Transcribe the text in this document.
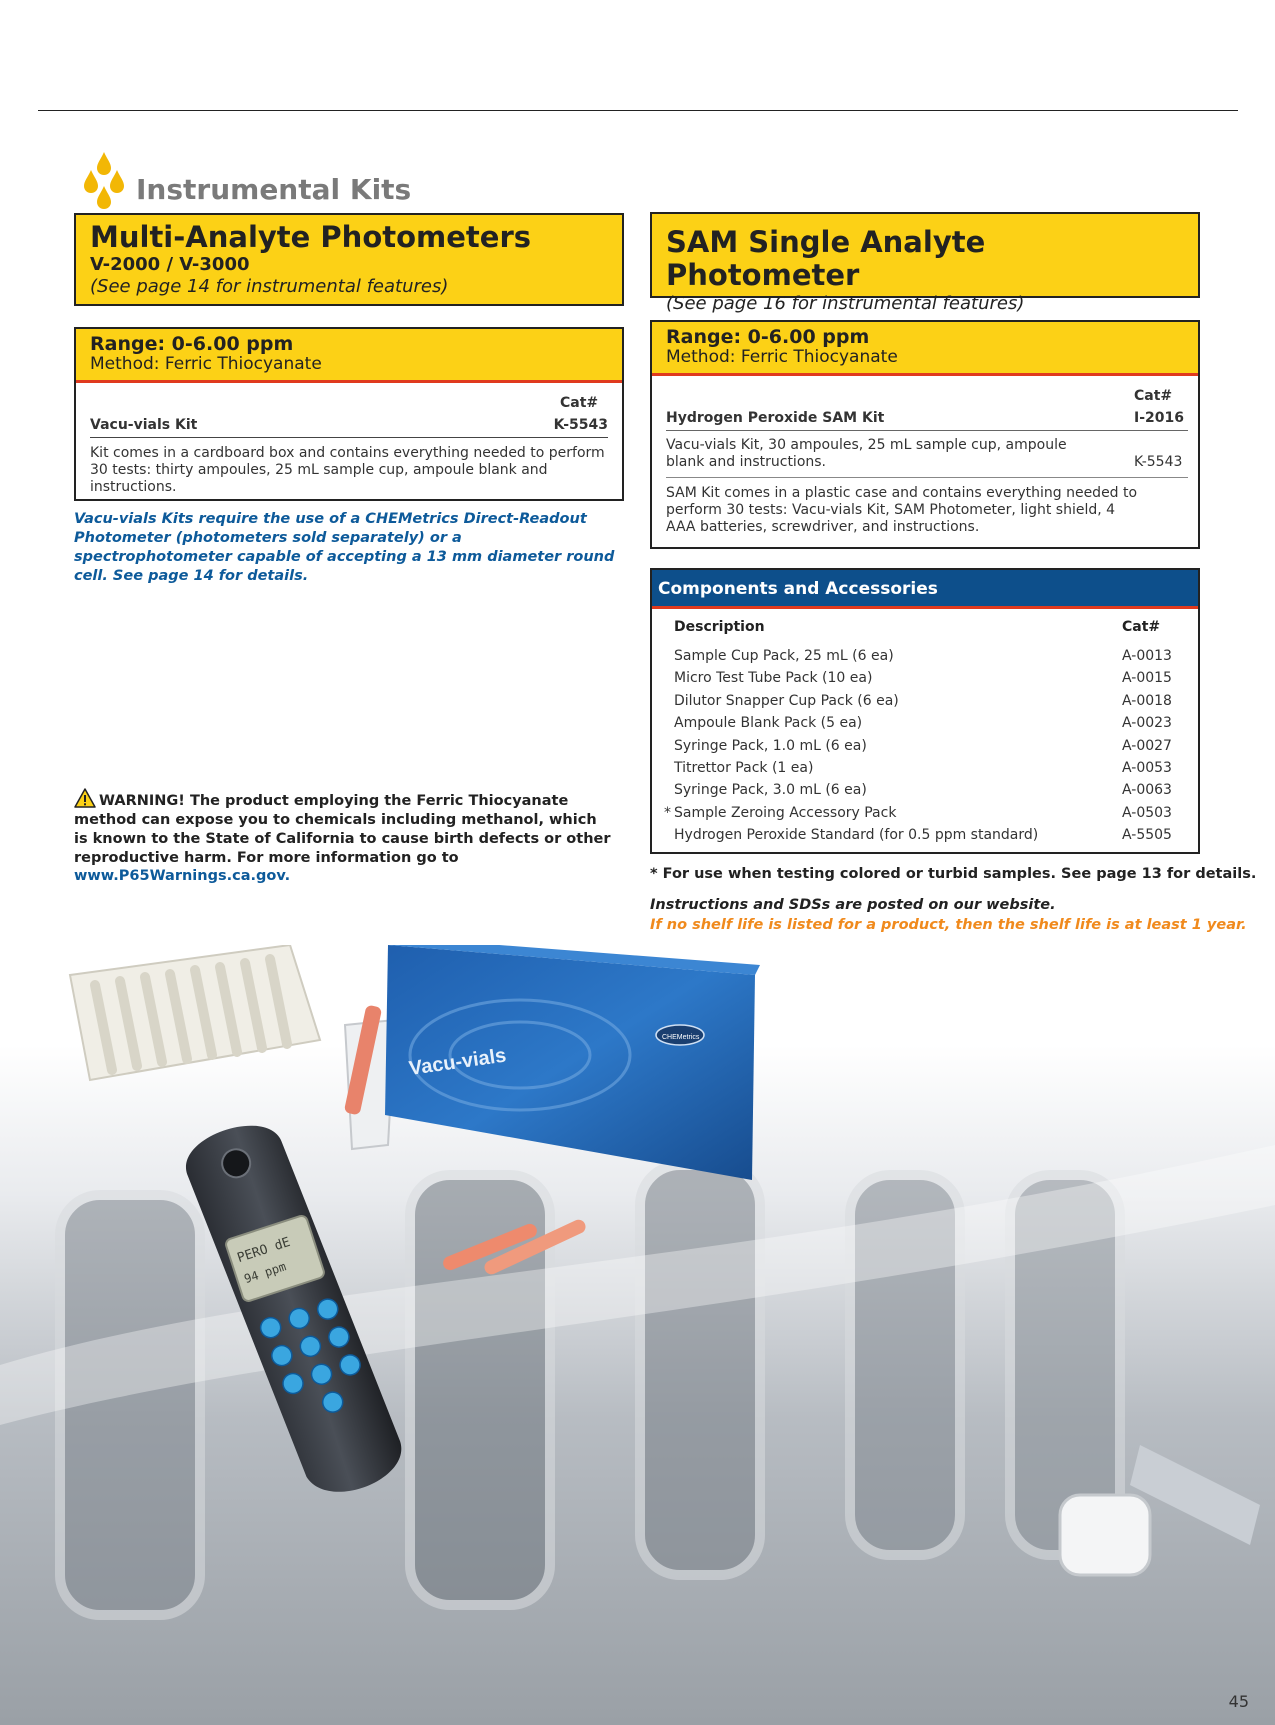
Instrumental Kits
Multi-Analyte Photometers
V-2000 / V-3000
(See page 14 for instrumental features)
Range: 0-6.00 ppm
Method: Ferric Thiocyanate
Cat#
Vacu-vials Kit	K-5543
Kit comes in a cardboard box and contains everything needed to perform 30 tests: thirty ampoules, 25 mL sample cup, ampoule blank and instructions.
Vacu-vials Kits require the use of a CHEMetrics Direct-Readout Photometer (photometers sold separately) or a spectrophotometer capable of accepting a 13 mm diameter round cell. See page 14 for details.
SAM Single Analyte Photometer
(See page 16 for instrumental features)
Range: 0-6.00 ppm
Method: Ferric Thiocyanate
Cat#
Hydrogen Peroxide SAM Kit	I-2016
Vacu-vials Kit, 30 ampoules, 25 mL sample cup, ampoule blank and instructions.	K-5543
SAM Kit comes in a plastic case and contains everything needed to perform 30 tests: Vacu-vials Kit, SAM Photometer, light shield, 4 AAA batteries, screwdriver, and instructions.
Components and Accessories
Description	Cat#
Sample Cup Pack, 25 mL (6 ea)	A-0013
Micro Test Tube Pack (10 ea)	A-0015
Dilutor Snapper Cup Pack (6 ea)	A-0018
Ampoule Blank Pack (5 ea)	A-0023
Syringe Pack, 1.0 mL (6 ea)	A-0027
Titrettor Pack (1 ea)	A-0053
Syringe Pack, 3.0 mL (6 ea)	A-0063
* Sample Zeroing Accessory Pack	A-0503
Hydrogen Peroxide Standard (for 0.5 ppm standard)	A-5505
* For use when testing colored or turbid samples. See page 13 for details.
Instructions and SDSs are posted on our website.
If no shelf life is listed for a product, then the shelf life is at least 1 year.
WARNING! The product employing the Ferric Thiocyanate method can expose you to chemicals including methanol, which is known to the State of California to cause birth defects or other reproductive harm. For more information go to www.P65Warnings.ca.gov.
Vacu-vials
CHEMetrics
PERO dE
94 ppm
45
